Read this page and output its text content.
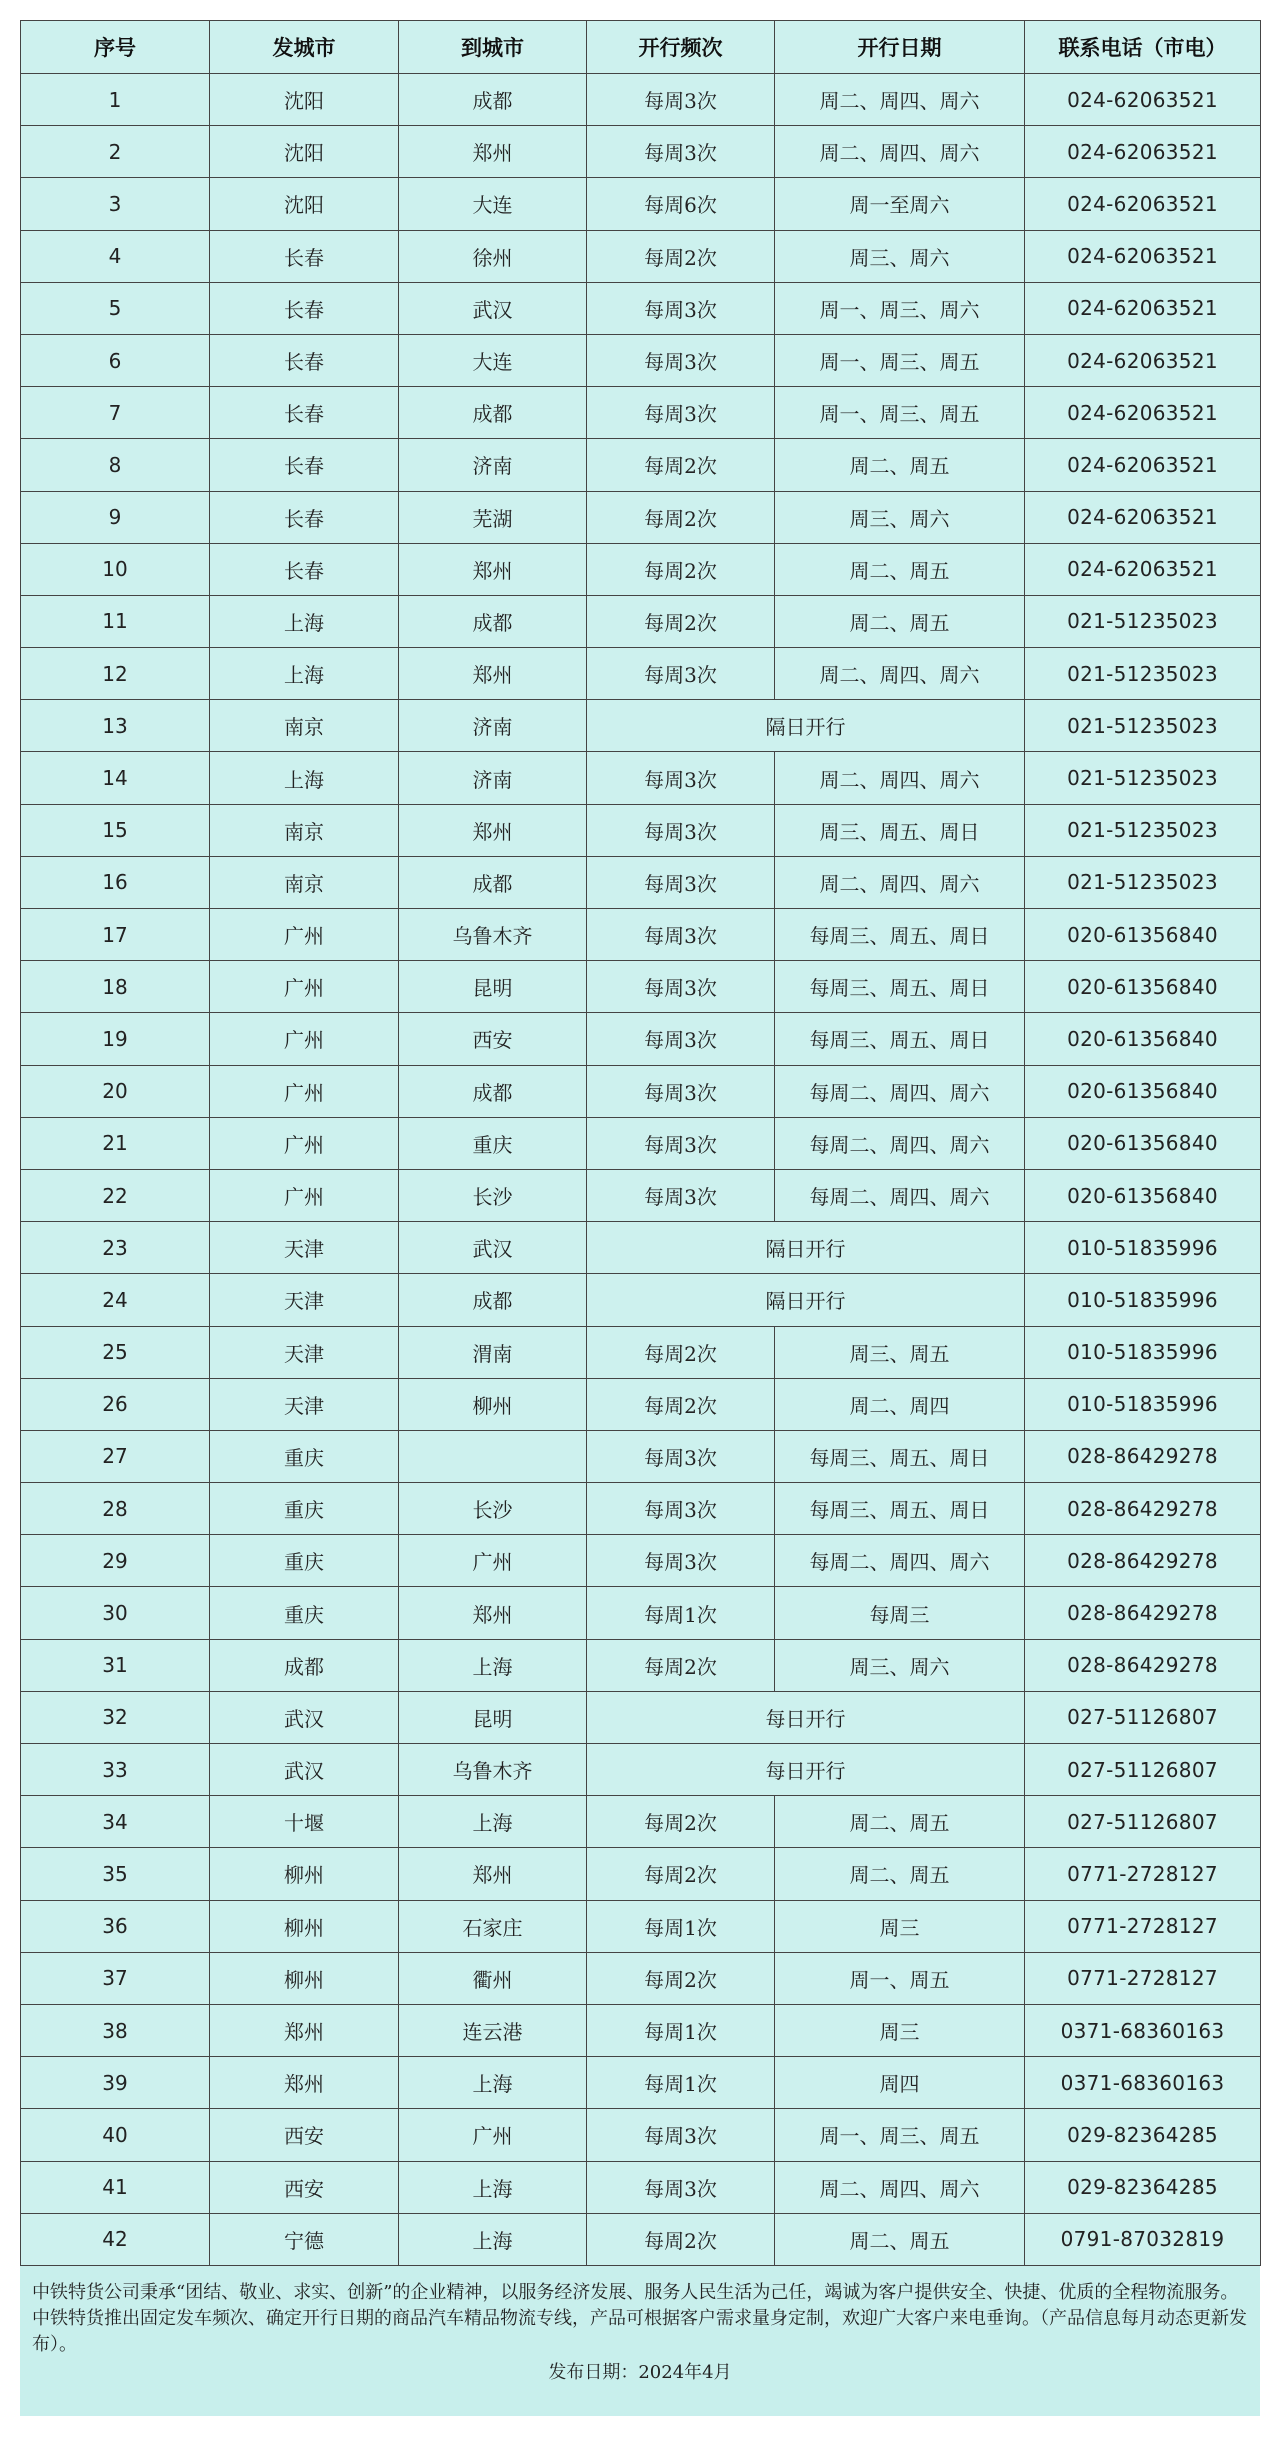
序号	发城市	到城市	开行频次	开行日期	联系电话（市电）
1	沈阳	成都	每周3次	周二、周四、周六	024-62063521
2	沈阳	郑州	每周3次	周二、周四、周六	024-62063521
3	沈阳	大连	每周6次	周一至周六	024-62063521
4	长春	徐州	每周2次	周三、周六	024-62063521
5	长春	武汉	每周3次	周一、周三、周六	024-62063521
6	长春	大连	每周3次	周一、周三、周五	024-62063521
7	长春	成都	每周3次	周一、周三、周五	024-62063521
8	长春	济南	每周2次	周二、周五	024-62063521
9	长春	芜湖	每周2次	周三、周六	024-62063521
10	长春	郑州	每周2次	周二、周五	024-62063521
11	上海	成都	每周2次	周二、周五	021-51235023
12	上海	郑州	每周3次	周二、周四、周六	021-51235023
13	南京	济南	隔日开行		021-51235023
14	上海	济南	每周3次	周二、周四、周六	021-51235023
15	南京	郑州	每周3次	周三、周五、周日	021-51235023
16	南京	成都	每周3次	周二、周四、周六	021-51235023
17	广州	乌鲁木齐	每周3次	每周三、周五、周日	020-61356840
18	广州	昆明	每周3次	每周三、周五、周日	020-61356840
19	广州	西安	每周3次	每周三、周五、周日	020-61356840
20	广州	成都	每周3次	每周二、周四、周六	020-61356840
21	广州	重庆	每周3次	每周二、周四、周六	020-61356840
22	广州	长沙	每周3次	每周二、周四、周六	020-61356840
23	天津	武汉	隔日开行		010-51835996
24	天津	成都	隔日开行		010-51835996
25	天津	渭南	每周2次	周三、周五	010-51835996
26	天津	柳州	每周2次	周二、周四	010-51835996
27	重庆		每周3次	每周三、周五、周日	028-86429278
28	重庆	长沙	每周3次	每周三、周五、周日	028-86429278
29	重庆	广州	每周3次	每周二、周四、周六	028-86429278
30	重庆	郑州	每周1次	每周三	028-86429278
31	成都	上海	每周2次	周三、周六	028-86429278
32	武汉	昆明	每日开行		027-51126807
33	武汉	乌鲁木齐	每日开行		027-51126807
34	十堰	上海	每周2次	周二、周五	027-51126807
35	柳州	郑州	每周2次	周二、周五	0771-2728127
36	柳州	石家庄	每周1次	周三	0771-2728127
37	柳州	衢州	每周2次	周一、周五	0771-2728127
38	郑州	连云港	每周1次	周三	0371-68360163
39	郑州	上海	每周1次	周四	0371-68360163
40	西安	广州	每周3次	周一、周三、周五	029-82364285
41	西安	上海	每周3次	周二、周四、周六	029-82364285
42	宁德	上海	每周2次	周二、周五	0791-87032819
中铁特货公司秉承“团结、敬业、求实、创新”的企业精神，以服务经济发展、服务人民生活为己任，竭诚为客户提供安全、快捷、优质的全程物流服务。中铁特货推出固定发车频次、确定开行日期的商品汽车精品物流专线，产品可根据客户需求量身定制，欢迎广大客户来电垂询。（产品信息每月动态更新发布）。
发布日期：2024年4月
